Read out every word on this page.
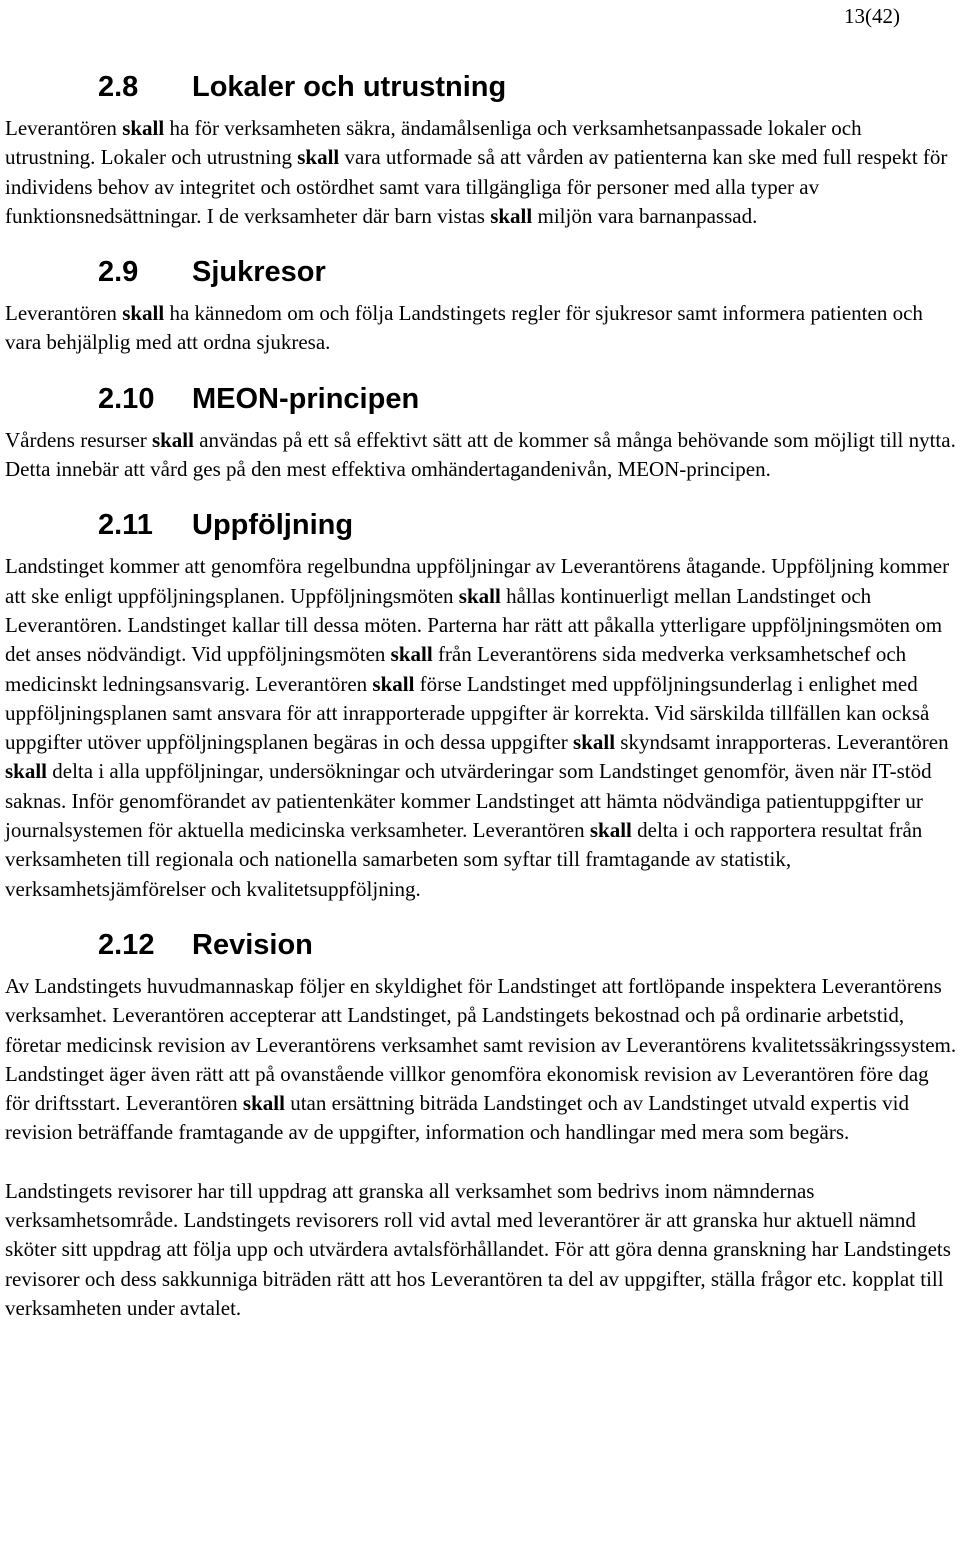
13(42)
2.8	Lokaler och utrustning

Leverantören skall ha för verksamheten säkra, ändamålsenliga och verksamhetsanpassade lokaler och utrustning. Lokaler och utrustning skall vara utformade så att vården av patienterna kan ske med full respekt för individens behov av integritet och ostördhet samt vara tillgängliga för personer med alla typer av funktionsnedsättningar. I de verksamheter där barn vistas skall miljön vara barnanpassad.

2.9	Sjukresor

Leverantören skall ha kännedom om och följa Landstingets regler för sjukresor samt informera patienten och vara behjälplig med att ordna sjukresa.

2.10	MEON-principen

Vårdens resurser skall användas på ett så effektivt sätt att de kommer så många behövande som möjligt till nytta. Detta innebär att vård ges på den mest effektiva omhändertagandenivån, MEON-principen.

2.11	Uppföljning

Landstinget kommer att genomföra regelbundna uppföljningar av Leverantörens åtagande. Uppföljning kommer att ske enligt uppföljningsplanen. Uppföljningsmöten skall hållas kontinuerligt mellan Landstinget och Leverantören. Landstinget kallar till dessa möten. Parterna har rätt att påkalla ytterligare uppföljningsmöten om det anses nödvändigt. Vid uppföljningsmöten skall från Leverantörens sida medverka verksamhetschef och medicinskt ledningsansvarig. Leverantören skall förse Landstinget med uppföljningsunderlag i enlighet med uppföljningsplanen samt ansvara för att inrapporterade uppgifter är korrekta. Vid särskilda tillfällen kan också uppgifter utöver uppföljningsplanen begäras in och dessa uppgifter skall skyndsamt inrapporteras. Leverantören skall delta i alla uppföljningar, undersökningar och utvärderingar som Landstinget genomför, även när IT-stöd saknas. Inför genomförandet av patientenkäter kommer Landstinget att hämta nödvändiga patientuppgifter ur journalsystemen för aktuella medicinska verksamheter. Leverantören skall delta i och rapportera resultat från verksamheten till regionala och nationella samarbeten som syftar till framtagande av statistik, verksamhetsjämförelser och kvalitetsuppföljning.

2.12	Revision

Av Landstingets huvudmannaskap följer en skyldighet för Landstinget att fortlöpande inspektera Leverantörens verksamhet. Leverantören accepterar att Landstinget, på Landstingets bekostnad och på ordinarie arbetstid, företar medicinsk revision av Leverantörens verksamhet samt revision av Leverantörens kvalitetssäkringssystem. Landstinget äger även rätt att på ovanstående villkor genomföra ekonomisk revision av Leverantören före dag för driftsstart. Leverantören skall utan ersättning biträda Landstinget och av Landstinget utvald expertis vid revision beträffande framtagande av de uppgifter, information och handlingar med mera som begärs.

Landstingets revisorer har till uppdrag att granska all verksamhet som bedrivs inom nämndernas verksamhetsområde. Landstingets revisorers roll vid avtal med leverantörer är att granska hur aktuell nämnd sköter sitt uppdrag att följa upp och utvärdera avtalsförhållandet. För att göra denna granskning har Landstingets revisorer och dess sakkunniga biträden rätt att hos Leverantören ta del av uppgifter, ställa frågor etc. kopplat till verksamheten under avtalet.
